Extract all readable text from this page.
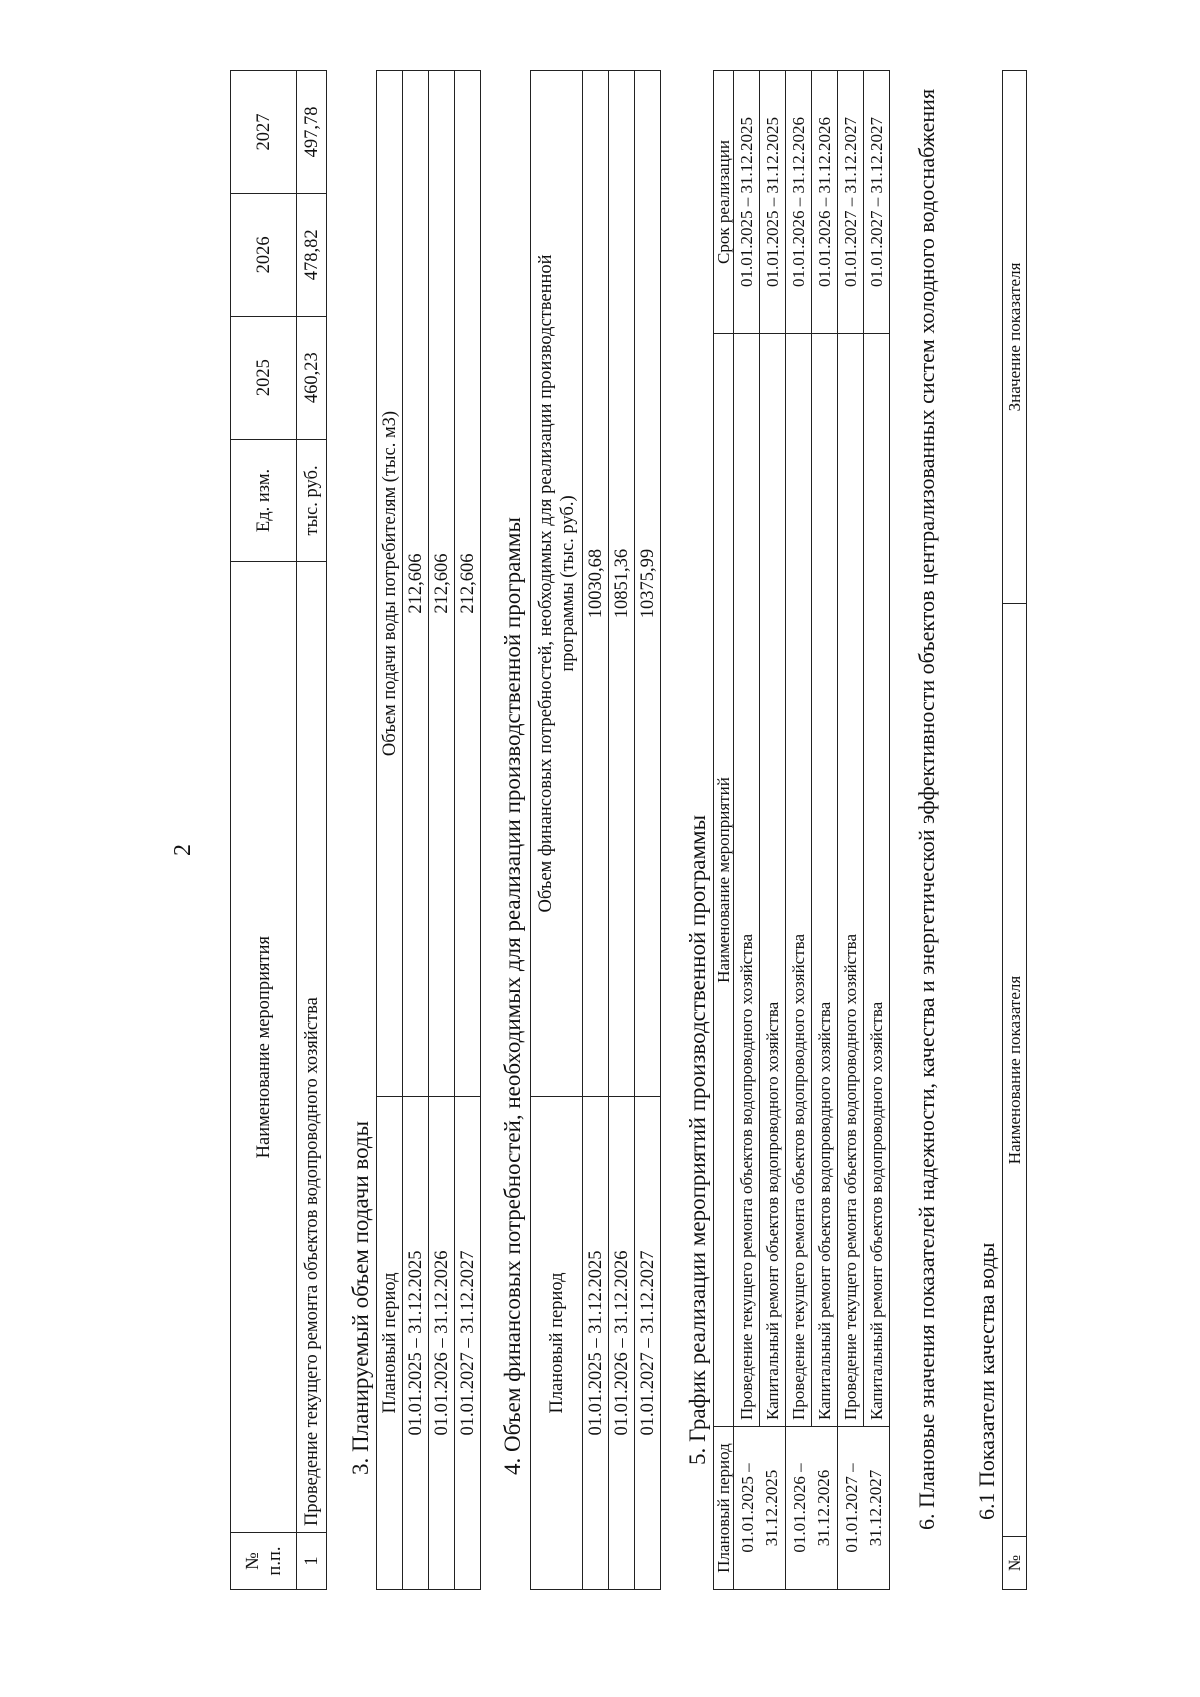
2
№ п.п.	Наименование мероприятия	Ед. изм.	2025	2026	2027
1	Проведение текущего ремонта объектов водопроводного хозяйства	тыс. руб.	460,23	478,82	497,78
3. Планируемый объем подачи воды Плановый период	Объем подачи воды потребителям (тыс. м3)
01.01.2025 – 31.12.2025	212,606
01.01.2026 – 31.12.2026	212,606
01.01.2027 – 31.12.2027	212,606 4. Объем финансовых потребностей, необходимых для реализации производственной программы Плановый период	Объем финансовых потребностей, необходимых для реализации производственной программы (тыс. руб.)
01.01.2025 – 31.12.2025	10030,68
01.01.2026 – 31.12.2026	10851,36
01.01.2027 – 31.12.2027	10375,99
5. График реализации мероприятий производственной программы
Плановый период	Наименование мероприятий	Срок реализации
01.01.2025 – 31.12.2025	Проведение текущего ремонта объектов водопроводного хозяйства	01.01.2025 – 31.12.2025
	Капитальный ремонт объектов водопроводного хозяйства	01.01.2025 – 31.12.2025
01.01.2026 – 31.12.2026	Проведение текущего ремонта объектов водопроводного хозяйства	01.01.2026 – 31.12.2026
	Капитальный ремонт объектов водопроводного хозяйства	01.01.2026 – 31.12.2026
01.01.2027 – 31.12.2027	Проведение текущего ремонта объектов водопроводного хозяйства	01.01.2027 – 31.12.2027
	Капитальный ремонт объектов водопроводного хозяйства	01.01.2027 – 31.12.2027 6. Плановые значения показателей надежности, качества и энергетической эффективности объектов централизованных систем холодного водоснабжения 6.1 Показатели качества воды
№	Наименование показателя	Значение показателя
